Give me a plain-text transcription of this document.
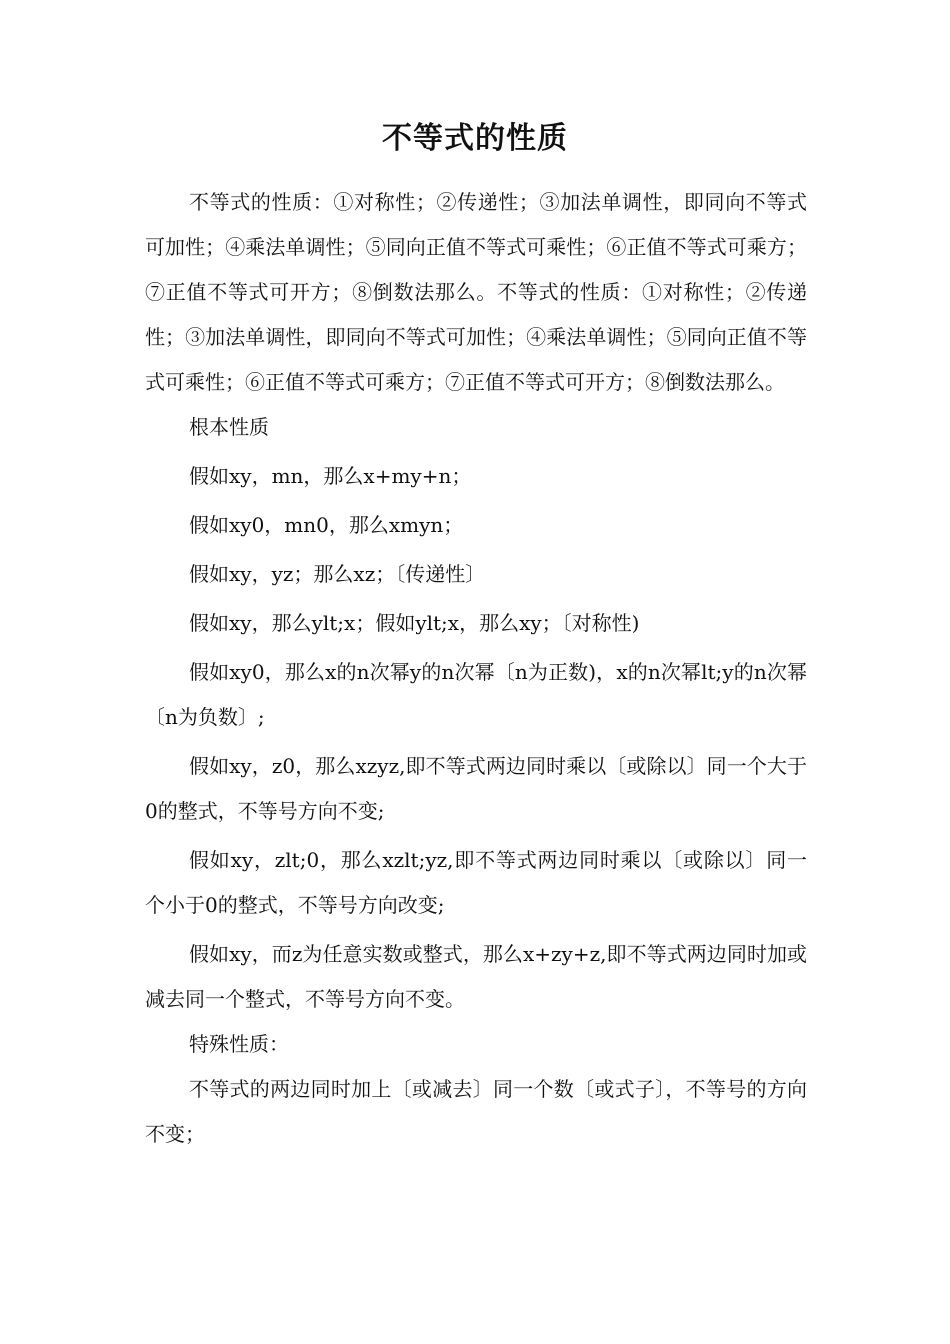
不等式的性质

不等式的性质：①对称性；②传递性；③加法单调性，即同向不等式可加性；④乘法单调性；⑤同向正值不等式可乘性；⑥正值不等式可乘方；⑦正值不等式可开方；⑧倒数法那么。不等式的性质：①对称性；②传递性；③加法单调性，即同向不等式可加性；④乘法单调性；⑤同向正值不等式可乘性；⑥正值不等式可乘方；⑦正值不等式可开方；⑧倒数法那么。

根本性质

假如xy，mn，那么x+my+n；

假如xy0，mn0，那么xmyn；

假如xy，yz；那么xz；〔传递性〕

假如xy，那么ylt;x；假如ylt;x，那么xy；〔对称性)

假如xy0，那么x的n次幂y的n次幂〔n为正数)，x的n次幂lt;y的n次幂〔n为负数〕;

假如xy，z0，那么xzyz,即不等式两边同时乘以〔或除以〕同一个大于0的整式，不等号方向不变;

假如xy，zlt;0，那么xzlt;yz,即不等式两边同时乘以〔或除以〕同一个小于0的整式，不等号方向改变;

假如xy，而z为任意实数或整式，那么x+zy+z,即不等式两边同时加或减去同一个整式，不等号方向不变。

特殊性质：

不等式的两边同时加上〔或减去〕同一个数〔或式子〕，不等号的方向不变；
